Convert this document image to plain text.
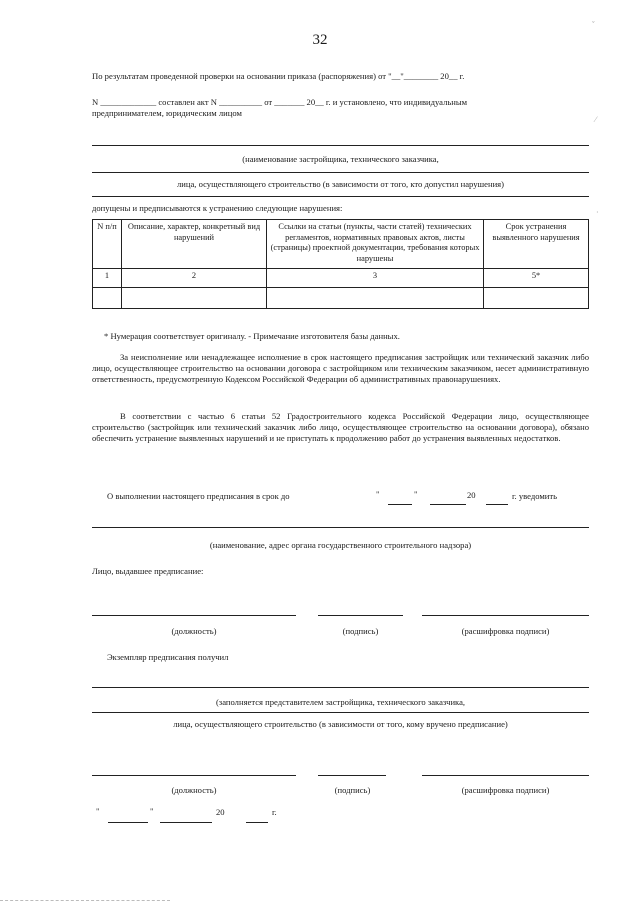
32
ˇ
⁄
·
По результатам проведенной проверки на основании приказа (распоряжения) от "__"________ 20__ г.
N _____________ составлен акт N __________ от _______ 20__ г. и установлено, что индивидуальным
предпринимателем, юридическим лицом
(наименование застройщика, технического заказчика,
лица, осуществляющего строительство (в зависимости от того, кто допустил нарушения)
допущены и предписываются к устранению следующие нарушения:
N п/п	Описание, характер, конкретный вид нарушений	Ссылки на статьи (пункты, части статей) технических регламентов, нормативных правовых актов, листы (страницы) проектной документации, требования которых нарушены	Срок устранения выявленного нарушения
1	2	3	5*

* Нумерация соответствует оригиналу. - Примечание изготовителя базы данных.
За неисполнение или ненадлежащее исполнение в срок настоящего предписания застройщик или технический заказчик либо лицо, осуществляющее строительство на основании договора с застройщиком или техническим заказчиком, несет административную ответственность, предусмотренную Кодексом Российской Федерации об административных правонарушениях.
В соответствии с частью 6 статьи 52 Градостроительного кодекса Российской Федерации лицо, осуществляющее строительство (застройщик или технический заказчик либо лицо, осуществляющее строительство на основании договора), обязано обеспечить устранение выявленных нарушений и не приступать к продолжению работ до устранения выявленных недостатков.
О выполнении настоящего предписания в срок до	"	"	20	г. уведомить
(наименование, адрес органа государственного строительного надзора)
Лицо, выдавшее предписание:
(должность)	(подпись)	(расшифровка подписи)
Экземпляр предписания получил
(заполняется представителем застройщика, технического заказчика,
лица, осуществляющего строительство (в зависимости от того, кому вручено предписание)
(должность)	(подпись)	(расшифровка подписи)
"	"	20	г.
